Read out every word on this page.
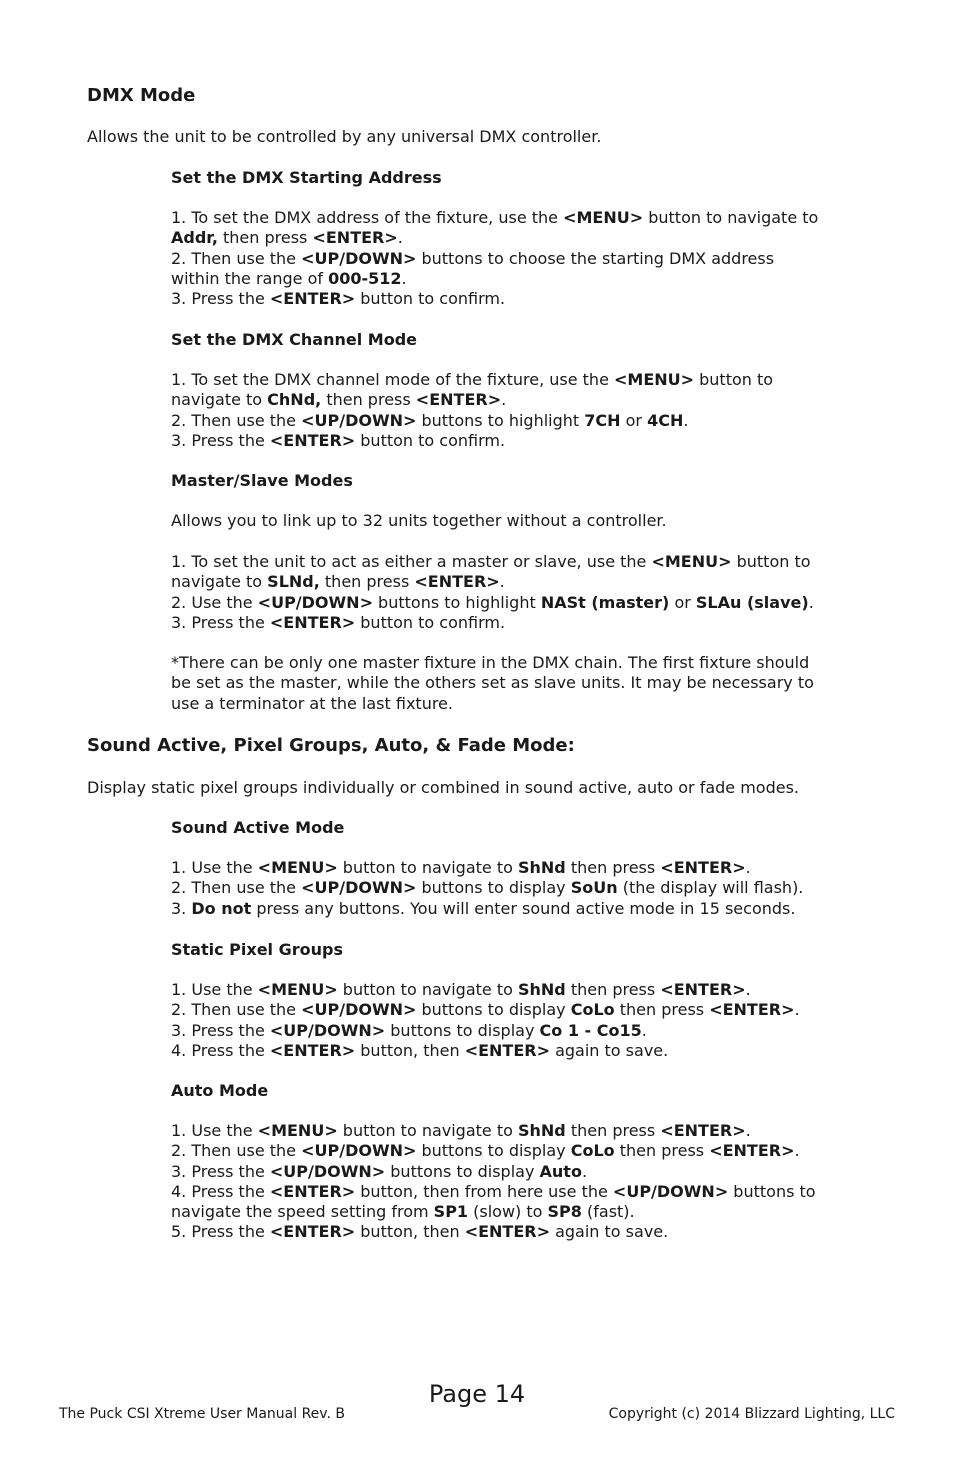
DMX Mode

Allows the unit to be controlled by any universal DMX controller.

Set the DMX Starting Address
1. To set the DMX address of the fixture, use the <MENU> button to navigate to
Addr, then press <ENTER>.
2. Then use the <UP/DOWN> buttons to choose the starting DMX address
within the range of 000-512.
3. Press the <ENTER> button to confirm.
Set the DMX Channel Mode
1. To set the DMX channel mode of the fixture, use the <MENU> button to
navigate to ChNd, then press <ENTER>.
2. Then use the <UP/DOWN> buttons to highlight 7CH or 4CH.
3. Press the <ENTER> button to confirm.
Master/Slave Modes

Allows you to link up to 32 units together without a controller.

1. To set the unit to act as either a master or slave, use the <MENU> button to
navigate to SLNd, then press <ENTER>.
2. Use the <UP/DOWN> buttons to highlight NASt (master) or SLAu (slave).
3. Press the <ENTER> button to confirm.
*There can be only one master fixture in the DMX chain. The first fixture should
be set as the master, while the others set as slave units. It may be necessary to
use a terminator at the last fixture.
Sound Active, Pixel Groups, Auto, & Fade Mode:

Display static pixel groups individually or combined in sound active, auto or fade modes.

Sound Active Mode
1. Use the <MENU> button to navigate to ShNd then press <ENTER>.
2. Then use the <UP/DOWN> buttons to display SoUn (the display will flash).
3. Do not press any buttons. You will enter sound active mode in 15 seconds.
Static Pixel Groups
1. Use the <MENU> button to navigate to ShNd then press <ENTER>.
2. Then use the <UP/DOWN> buttons to display CoLo then press <ENTER>.
3. Press the <UP/DOWN> buttons to display Co 1 - Co15.
4. Press the <ENTER> button, then <ENTER> again to save.
Auto Mode
1. Use the <MENU> button to navigate to ShNd then press <ENTER>.
2. Then use the <UP/DOWN> buttons to display CoLo then press <ENTER>.
3. Press the <UP/DOWN> buttons to display Auto.
4. Press the <ENTER> button, then from here use the <UP/DOWN> buttons to
navigate the speed setting from SP1 (slow) to SP8 (fast).
5. Press the <ENTER> button, then <ENTER> again to save.
Page 14
The Puck CSI Xtreme User Manual Rev. B	Copyright (c) 2014 Blizzard Lighting, LLC
